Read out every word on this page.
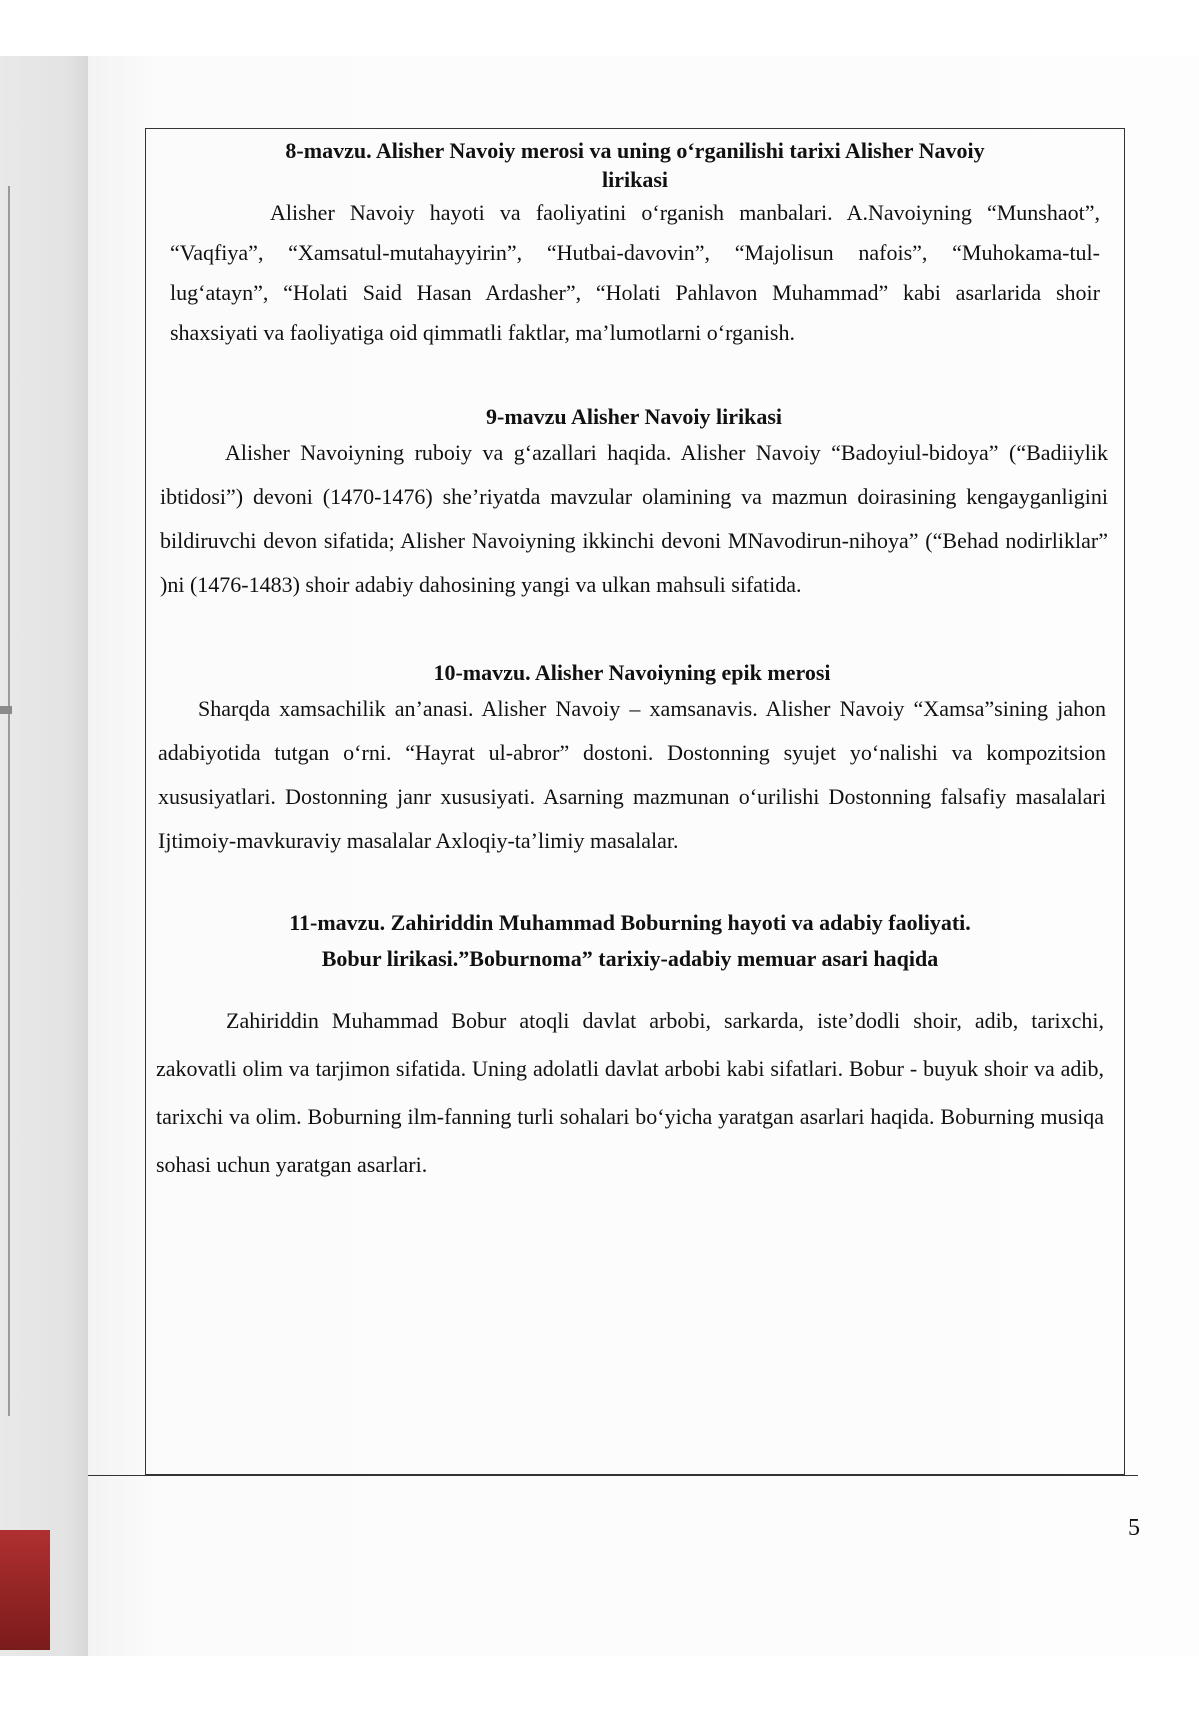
8-mavzu. Alisher Navoiy merosi va uning o‘rganilishi tarixi Alisher Navoiy

lirikasi

Alisher Navoiy hayoti va faoliyatini o‘rganish manbalari. A.Navoiyning “Munshaot”, “Vaqfiya”, “Xamsatul-mutahayyirin”, “Hutbai-davovin”, “Majolisun nafois”, “Muhokama-tul-lug‘atayn”, “Holati Said Hasan Ardasher”, “Holati Pahlavon Muhammad” kabi asarlarida shoir shaxsiyati va faoliyatiga oid qimmatli faktlar, ma’lumotlarni o‘rganish.

9-mavzu Alisher Navoiy lirikasi

Alisher Navoiyning ruboiy va g‘azallari haqida. Alisher Navoiy “Badoyiul-bidoya” (“Badiiylik ibtidosi”) devoni (1470-1476) she’riyatda mavzular olamining va mazmun doirasining kengayganligini bildiruvchi devon sifatida; Alisher Navoiyning ikkinchi devoni MNavodirun-nihoya” (“Behad nodirliklar” )ni (1476-1483) shoir adabiy dahosining yangi va ulkan mahsuli sifatida.

10-mavzu. Alisher Navoiyning epik merosi

Sharqda xamsachilik an’anasi. Alisher Navoiy – xamsanavis. Alisher Navoiy “Xamsa”sining jahon adabiyotida tutgan o‘rni. “Hayrat ul-abror” dostoni. Dostonning syujet yo‘nalishi va kompozitsion xususiyatlari. Dostonning janr xususiyati. Asarning mazmunan o‘urilishi Dostonning falsafiy masalalari Ijtimoiy-mavkuraviy masalalar Axloqiy-ta’limiy masalalar.

11-mavzu. Zahiriddin Muhammad Boburning hayoti va adabiy faoliyati.

Bobur lirikasi.”Boburnoma” tarixiy-adabiy memuar asari haqida

Zahiriddin Muhammad Bobur atoqli davlat arbobi, sarkarda, iste’dodli shoir, adib, tarixchi, zakovatli olim va tarjimon sifatida. Uning adolatli davlat arbobi kabi sifatlari. Bobur - buyuk shoir va adib, tarixchi va olim. Boburning ilm-fanning turli sohalari bo‘yicha yaratgan asarlari haqida. Boburning musiqa sohasi uchun yaratgan asarlari.

5
